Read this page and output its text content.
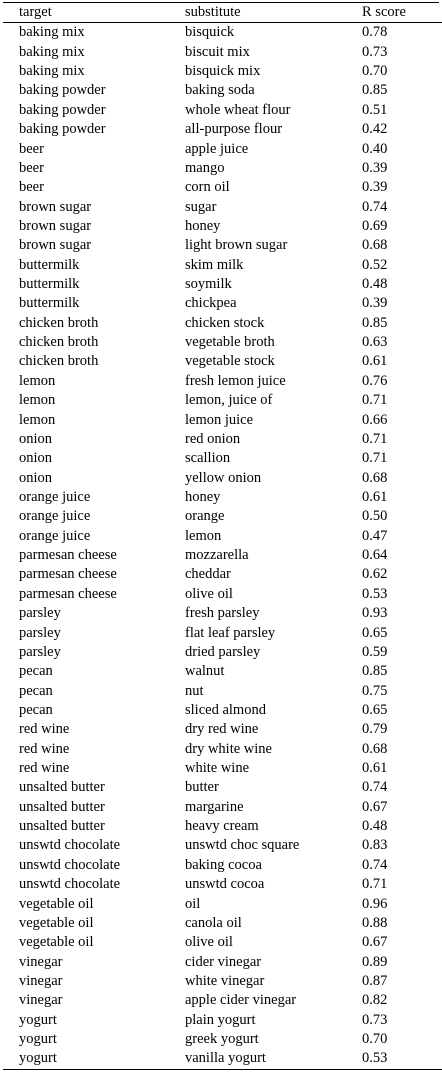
target	substitute	R score
baking mix	bisquick	0.78
baking mix	biscuit mix	0.73
baking mix	bisquick mix	0.70
baking powder	baking soda	0.85
baking powder	whole wheat flour	0.51
baking powder	all-purpose flour	0.42
beer	apple juice	0.40
beer	mango	0.39
beer	corn oil	0.39
brown sugar	sugar	0.74
brown sugar	honey	0.69
brown sugar	light brown sugar	0.68
buttermilk	skim milk	0.52
buttermilk	soymilk	0.48
buttermilk	chickpea	0.39
chicken broth	chicken stock	0.85
chicken broth	vegetable broth	0.63
chicken broth	vegetable stock	0.61
lemon	fresh lemon juice	0.76
lemon	lemon, juice of	0.71
lemon	lemon juice	0.66
onion	red onion	0.71
onion	scallion	0.71
onion	yellow onion	0.68
orange juice	honey	0.61
orange juice	orange	0.50
orange juice	lemon	0.47
parmesan cheese	mozzarella	0.64
parmesan cheese	cheddar	0.62
parmesan cheese	olive oil	0.53
parsley	fresh parsley	0.93
parsley	flat leaf parsley	0.65
parsley	dried parsley	0.59
pecan	walnut	0.85
pecan	nut	0.75
pecan	sliced almond	0.65
red wine	dry red wine	0.79
red wine	dry white wine	0.68
red wine	white wine	0.61
unsalted butter	butter	0.74
unsalted butter	margarine	0.67
unsalted butter	heavy cream	0.48
unswtd chocolate	unswtd choc square	0.83
unswtd chocolate	baking cocoa	0.74
unswtd chocolate	unswtd cocoa	0.71
vegetable oil	oil	0.96
vegetable oil	canola oil	0.88
vegetable oil	olive oil	0.67
vinegar	cider vinegar	0.89
vinegar	white vinegar	0.87
vinegar	apple cider vinegar	0.82
yogurt	plain yogurt	0.73
yogurt	greek yogurt	0.70
yogurt	vanilla yogurt	0.53
